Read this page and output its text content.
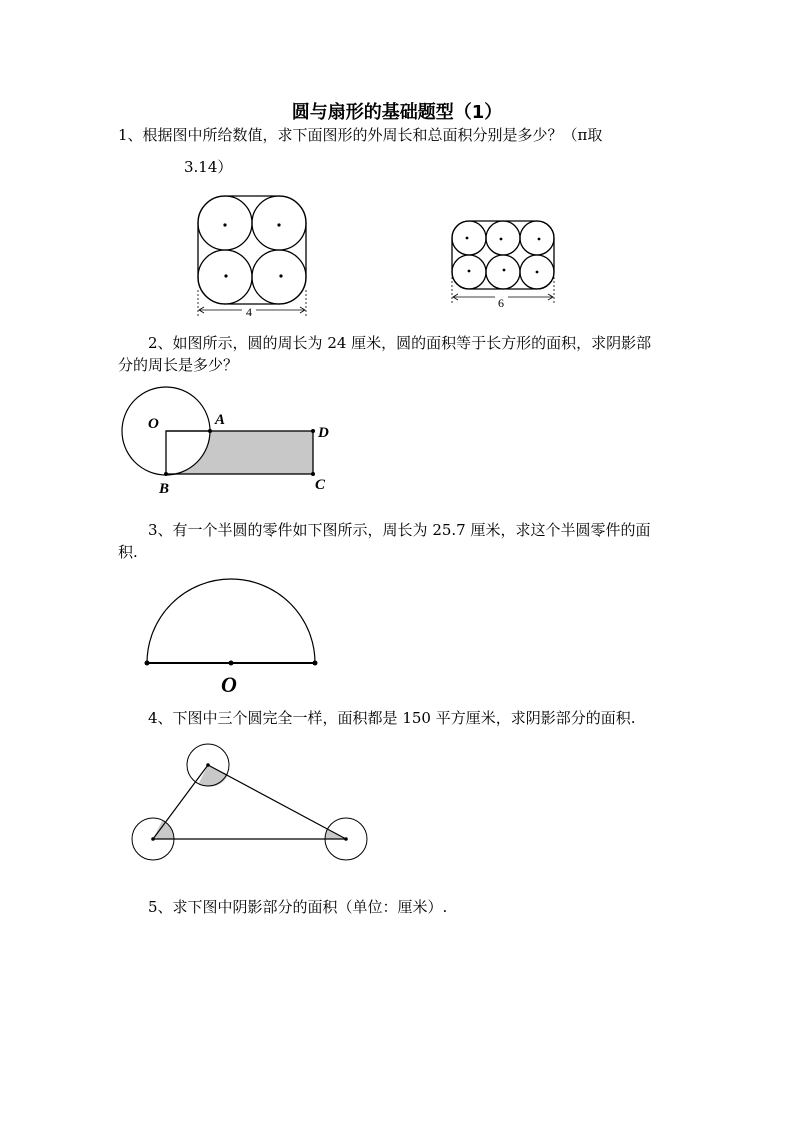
圆与扇形的基础题型（1）

1、根据图中所给数值，求下面图形的外周长和总面积分别是多少？（π取

3.14）

4
6

2、如图所示，圆的周长为 24 厘米，圆的面积等于长方形的面积，求阴影部

分的周长是多少？

O	A
D
C
B

3、有一个半圆的零件如下图所示，周长为 25.7 厘米，求这个半圆零件的面

积.

O

4、下图中三个圆完全一样，面积都是 150 平方厘米，求阴影部分的面积.

5、求下图中阴影部分的面积（单位：厘米）.
